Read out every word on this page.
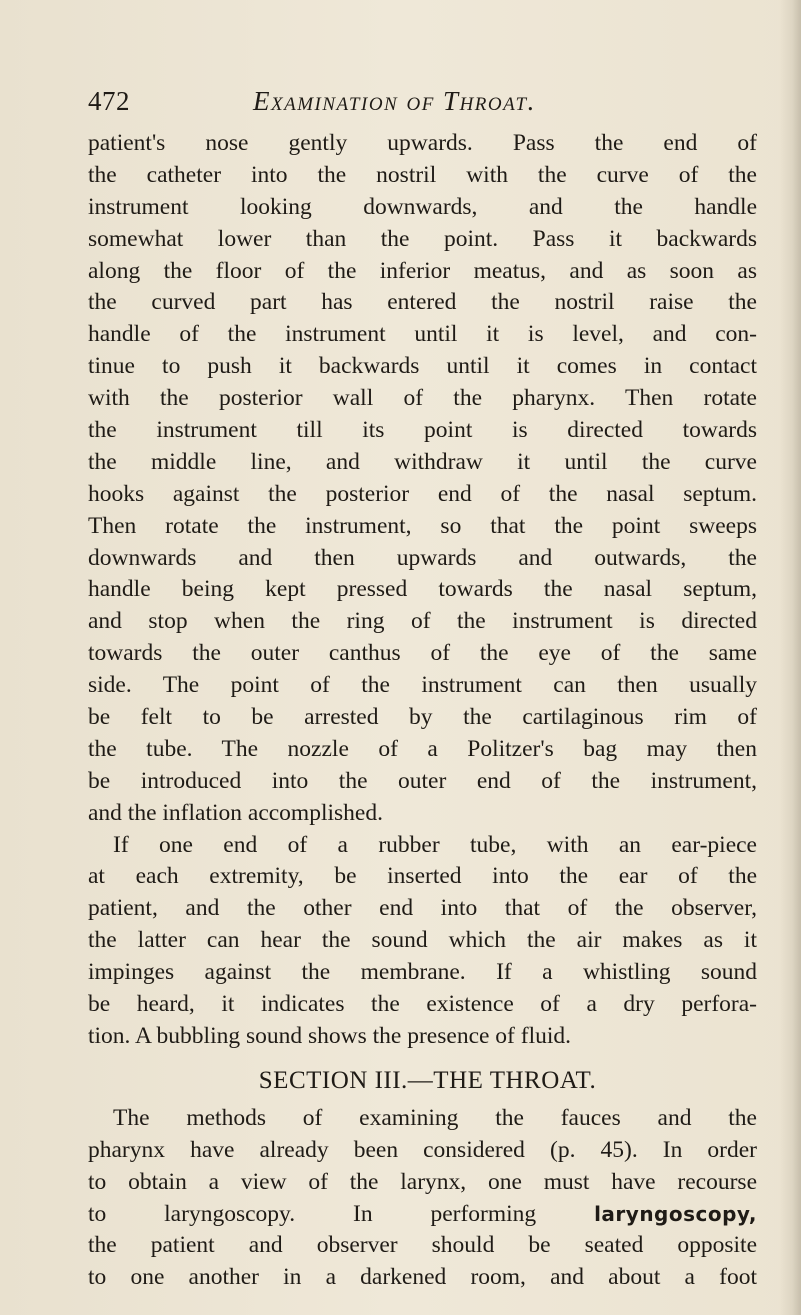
472	Examination of Throat.
patient's nose gently upwards. Pass the end of
the catheter into the nostril with the curve of the
instrument looking downwards, and the handle
somewhat lower than the point. Pass it backwards
along the floor of the inferior meatus, and as soon as
the curved part has entered the nostril raise the
handle of the instrument until it is level, and con-
tinue to push it backwards until it comes in contact
with the posterior wall of the pharynx. Then rotate
the instrument till its point is directed towards
the middle line, and withdraw it until the curve
hooks against the posterior end of the nasal septum.
Then rotate the instrument, so that the point sweeps
downwards and then upwards and outwards, the
handle being kept pressed towards the nasal septum,
and stop when the ring of the instrument is directed
towards the outer canthus of the eye of the same
side. The point of the instrument can then usually
be felt to be arrested by the cartilaginous rim of
the tube. The nozzle of a Politzer's bag may then
be introduced into the outer end of the instrument,
and the inflation accomplished.
If one end of a rubber tube, with an ear-piece
at each extremity, be inserted into the ear of the
patient, and the other end into that of the observer,
the latter can hear the sound which the air makes as it
impinges against the membrane. If a whistling sound
be heard, it indicates the existence of a dry perfora-
tion. A bubbling sound shows the presence of fluid.
SECTION III.—THE THROAT.
The methods of examining the fauces and the
pharynx have already been considered (p. 45). In order
to obtain a view of the larynx, one must have recourse
to laryngoscopy. In performing	laryngoscopy,
the patient and observer should be seated opposite
to one another in a darkened room, and about a foot
